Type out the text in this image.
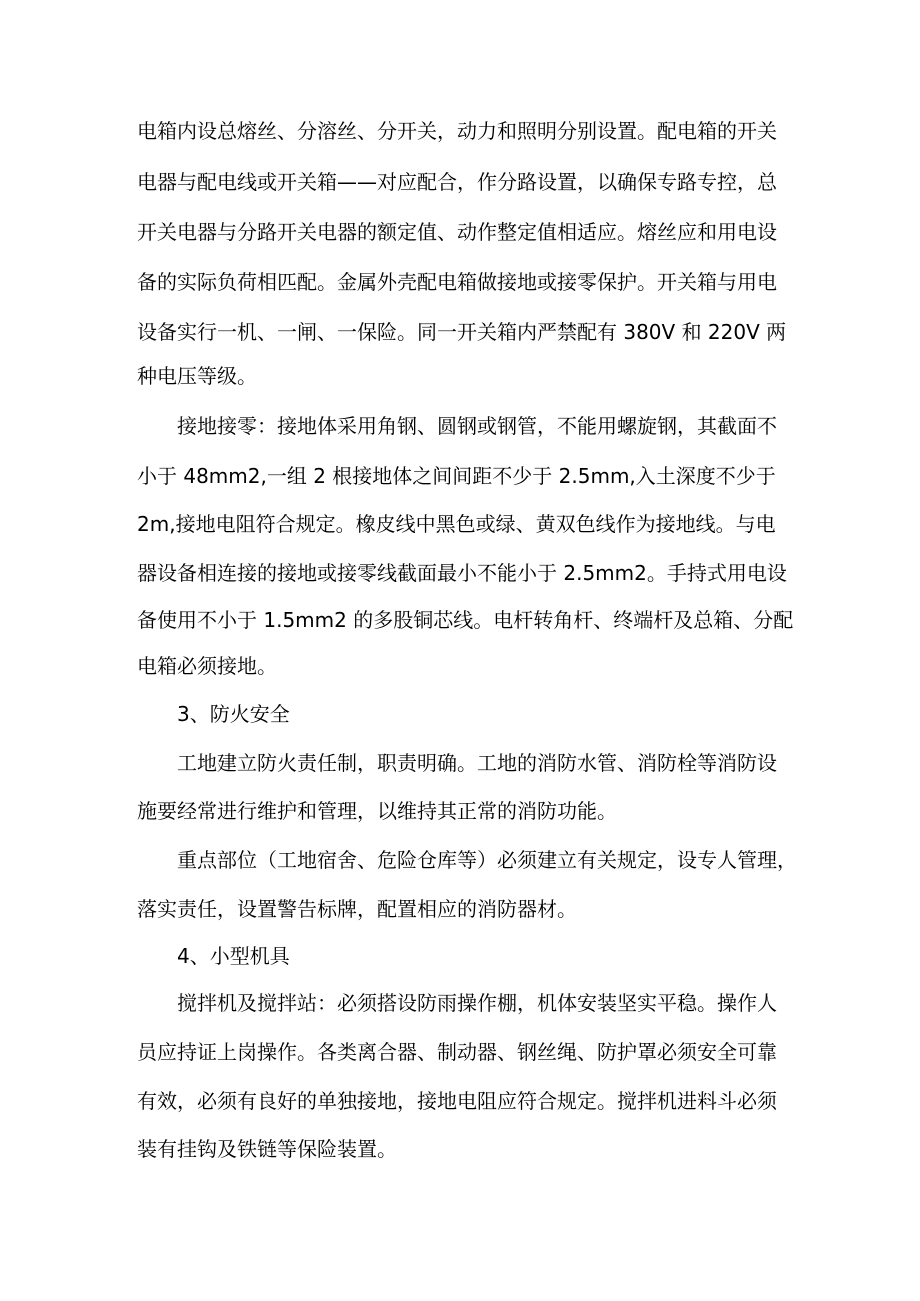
电箱内设总熔丝、分溶丝、分开关，动力和照明分别设置。配电箱的开关
电器与配电线或开关箱——对应配合，作分路设置，以确保专路专控，总
开关电器与分路开关电器的额定值、动作整定值相适应。熔丝应和用电设
备的实际负荷相匹配。金属外壳配电箱做接地或接零保护。开关箱与用电
设备实行一机、一闸、一保险。同一开关箱内严禁配有 380V 和 220V 两
种电压等级。
接地接零：接地体采用角钢、圆钢或钢管，不能用螺旋钢，其截面不
小于 48mm2,一组 2 根接地体之间间距不少于 2.5mm,入土深度不少于
2m,接地电阻符合规定。橡皮线中黑色或绿、黄双色线作为接地线。与电
器设备相连接的接地或接零线截面最小不能小于 2.5mm2。手持式用电设
备使用不小于 1.5mm2 的多股铜芯线。电杆转角杆、终端杆及总箱、分配
电箱必须接地。
3、防火安全
工地建立防火责任制，职责明确。工地的消防水管、消防栓等消防设
施要经常进行维护和管理，以维持其正常的消防功能。
重点部位（工地宿舍、危险仓库等）必须建立有关规定，设专人管理，
落实责任，设置警告标牌，配置相应的消防器材。
4、小型机具
搅拌机及搅拌站：必须搭设防雨操作棚，机体安装坚实平稳。操作人
员应持证上岗操作。各类离合器、制动器、钢丝绳、防护罩必须安全可靠
有效，必须有良好的单独接地，接地电阻应符合规定。搅拌机进料斗必须
装有挂钩及铁链等保险装置。
